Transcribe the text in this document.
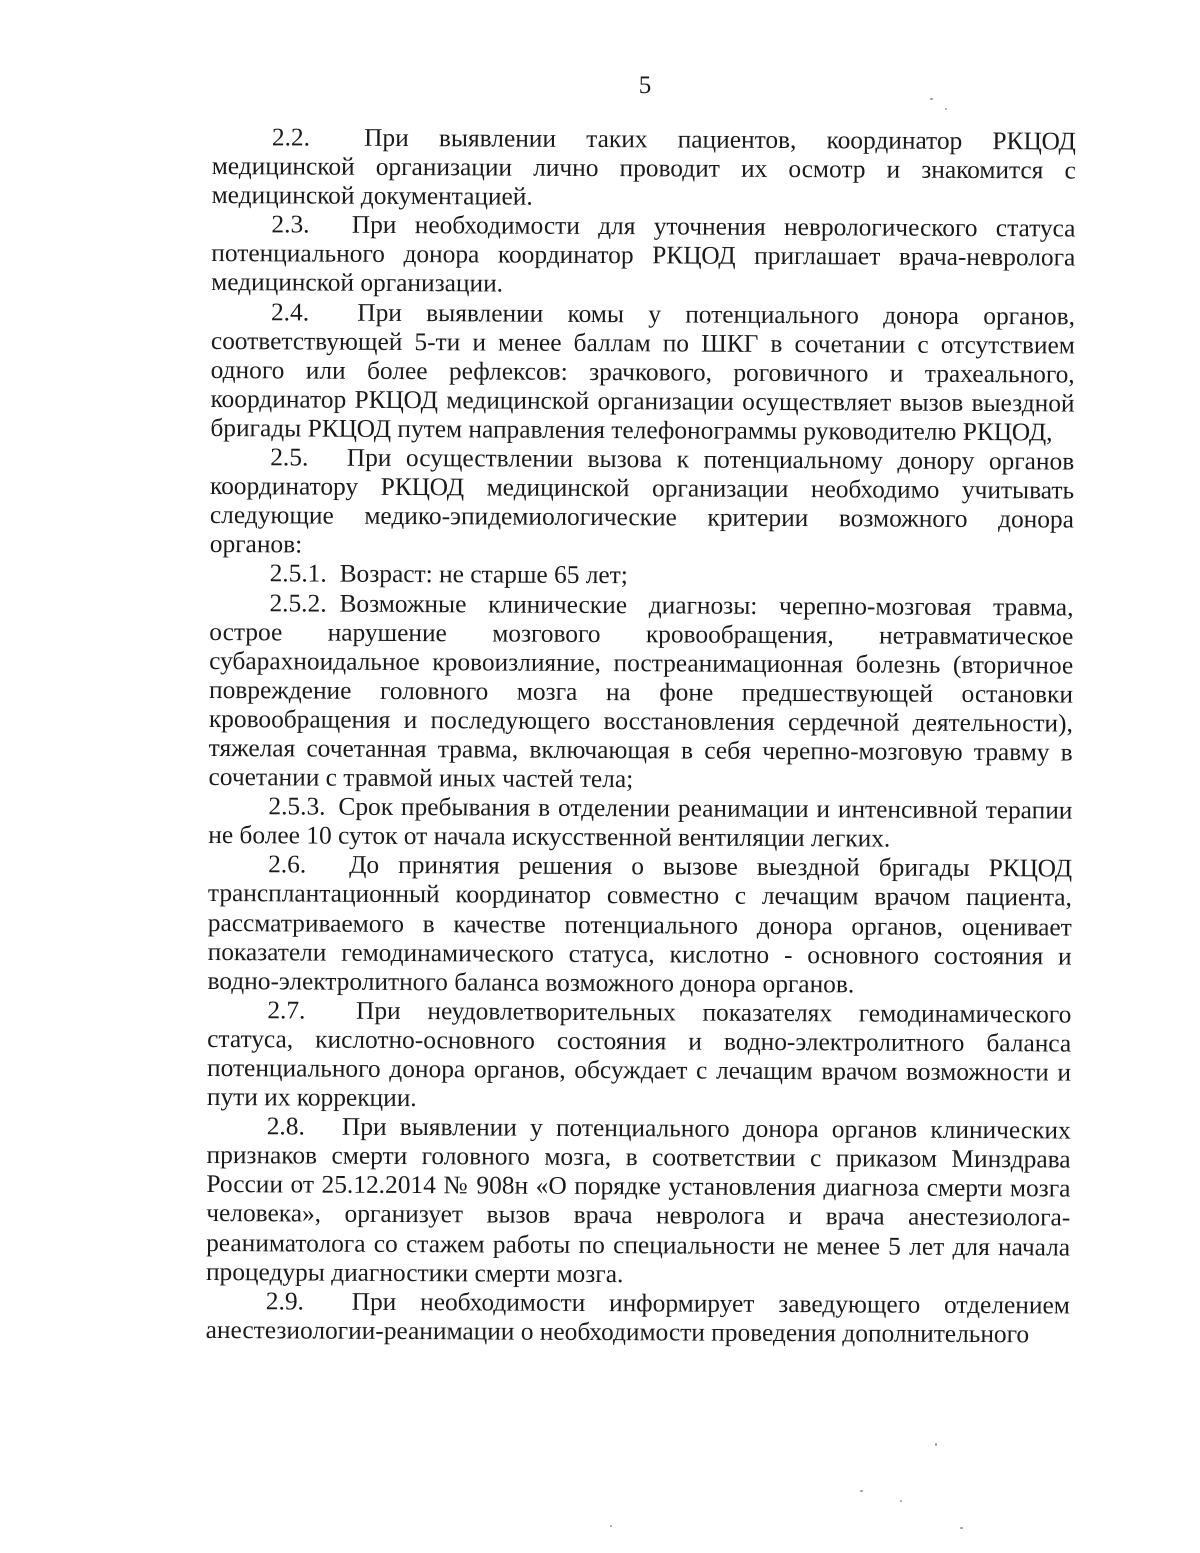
5

2.2. При выявлении таких пациентов, координатор РКЦОД медицинской организации лично проводит их осмотр и знакомится с медицинской документацией.

2.3. При необходимости для уточнения неврологического статуса потенциального донора координатор РКЦОД приглашает врача-невролога медицинской организации.

2.4. При выявлении комы у потенциального донора органов, соответствующей 5-ти и менее баллам по ШКГ в сочетании с отсутствием одного или более рефлексов: зрачкового, роговичного и трахеального, координатор РКЦОД медицинской организации осуществляет вызов выездной бригады РКЦОД путем направления телефонограммы руководителю РКЦОД,

2.5. При осуществлении вызова к потенциальному донору органов координатору РКЦОД медицинской организации необходимо учитывать следующие медико-эпидемиологические критерии возможного донора органов:

2.5.1. Возраст: не старше 65 лет;

2.5.2. Возможные клинические диагнозы: черепно-мозговая травма, острое нарушение мозгового кровообращения, нетравматическое субарахноидальное кровоизлияние, постреанимационная болезнь (вторичное повреждение головного мозга на фоне предшествующей остановки кровообращения и последующего восстановления сердечной деятельности), тяжелая сочетанная травма, включающая в себя черепно-мозговую травму в сочетании с травмой иных частей тела;

2.5.3. Срок пребывания в отделении реанимации и интенсивной терапии не более 10 суток от начала искусственной вентиляции легких.

2.6. До принятия решения о вызове выездной бригады РКЦОД трансплантационный координатор совместно с лечащим врачом пациента, рассматриваемого в качестве потенциального донора органов, оценивает показатели гемодинамического статуса, кислотно - основного состояния и водно-электролитного баланса возможного донора органов.

2.7. При неудовлетворительных показателях гемодинамического статуса, кислотно-основного состояния и водно-электролитного баланса потенциального донора органов, обсуждает с лечащим врачом возможности и пути их коррекции.

2.8. При выявлении у потенциального донора органов клинических признаков смерти головного мозга, в соответствии с приказом Минздрава России от 25.12.2014 № 908н «О порядке установления диагноза смерти мозга человека», организует вызов врача невролога и врача анестезиолога-реаниматолога со стажем работы по специальности не менее 5 лет для начала процедуры диагностики смерти мозга.

2.9. При необходимости информирует заведующего отделением анестезиологии-реанимации о необходимости проведения дополнительного
